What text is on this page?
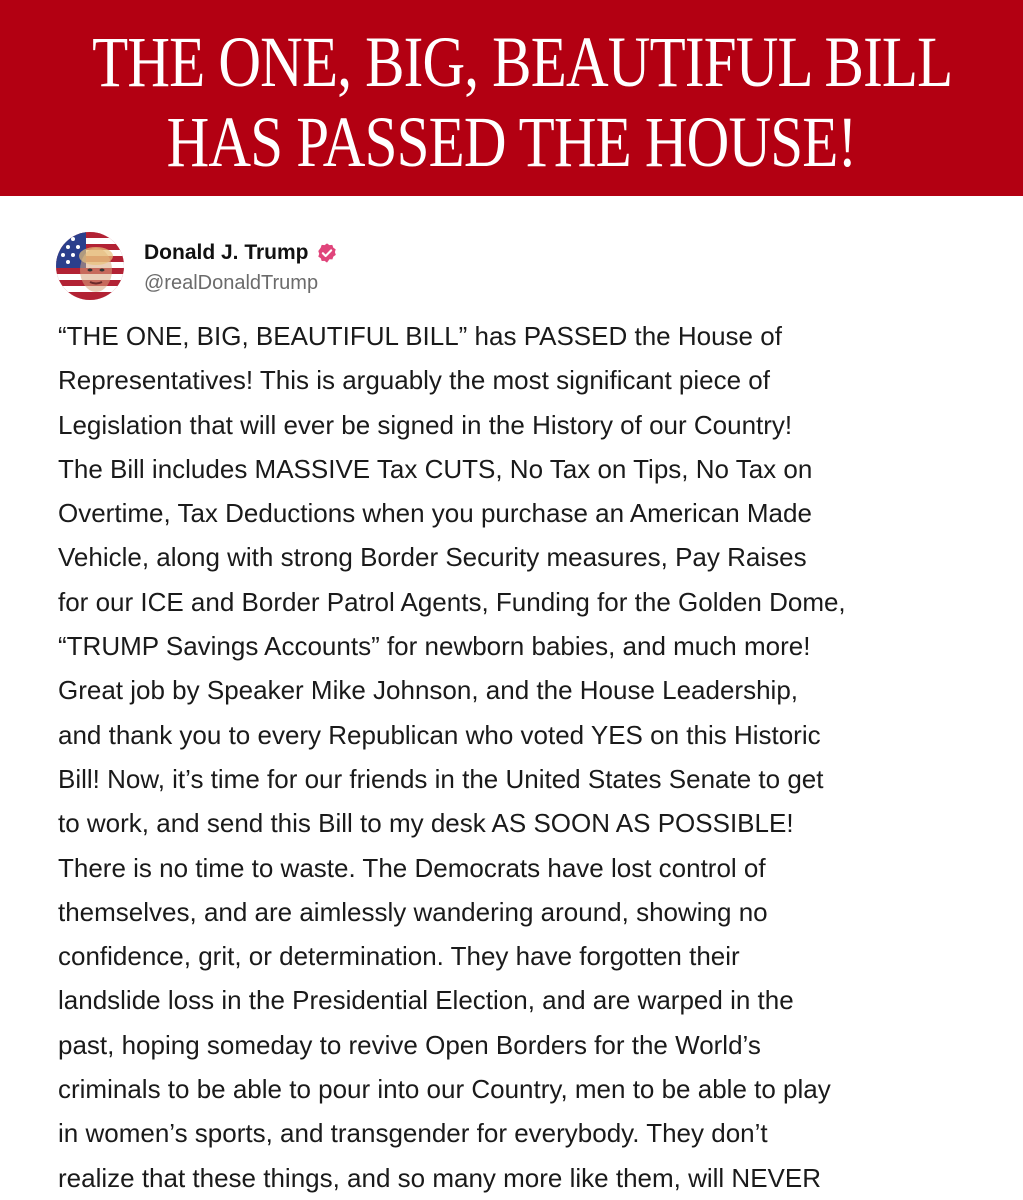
THE ONE, BIG, BEAUTIFUL BILL
HAS PASSED THE HOUSE!
Donald J. Trump
@realDonaldTrump
“THE ONE, BIG, BEAUTIFUL BILL” has PASSED the House of
Representatives! This is arguably the most significant piece of
Legislation that will ever be signed in the History of our Country!
The Bill includes MASSIVE Tax CUTS, No Tax on Tips, No Tax on
Overtime, Tax Deductions when you purchase an American Made
Vehicle, along with strong Border Security measures, Pay Raises
for our ICE and Border Patrol Agents, Funding for the Golden Dome,
“TRUMP Savings Accounts” for newborn babies, and much more!
Great job by Speaker Mike Johnson, and the House Leadership,
and thank you to every Republican who voted YES on this Historic
Bill! Now, it’s time for our friends in the United States Senate to get
to work, and send this Bill to my desk AS SOON AS POSSIBLE!
There is no time to waste. The Democrats have lost control of
themselves, and are aimlessly wandering around, showing no
confidence, grit, or determination. They have forgotten their
landslide loss in the Presidential Election, and are warped in the
past, hoping someday to revive Open Borders for the World’s
criminals to be able to pour into our Country, men to be able to play
in women’s sports, and transgender for everybody. They don’t
realize that these things, and so many more like them, will NEVER
